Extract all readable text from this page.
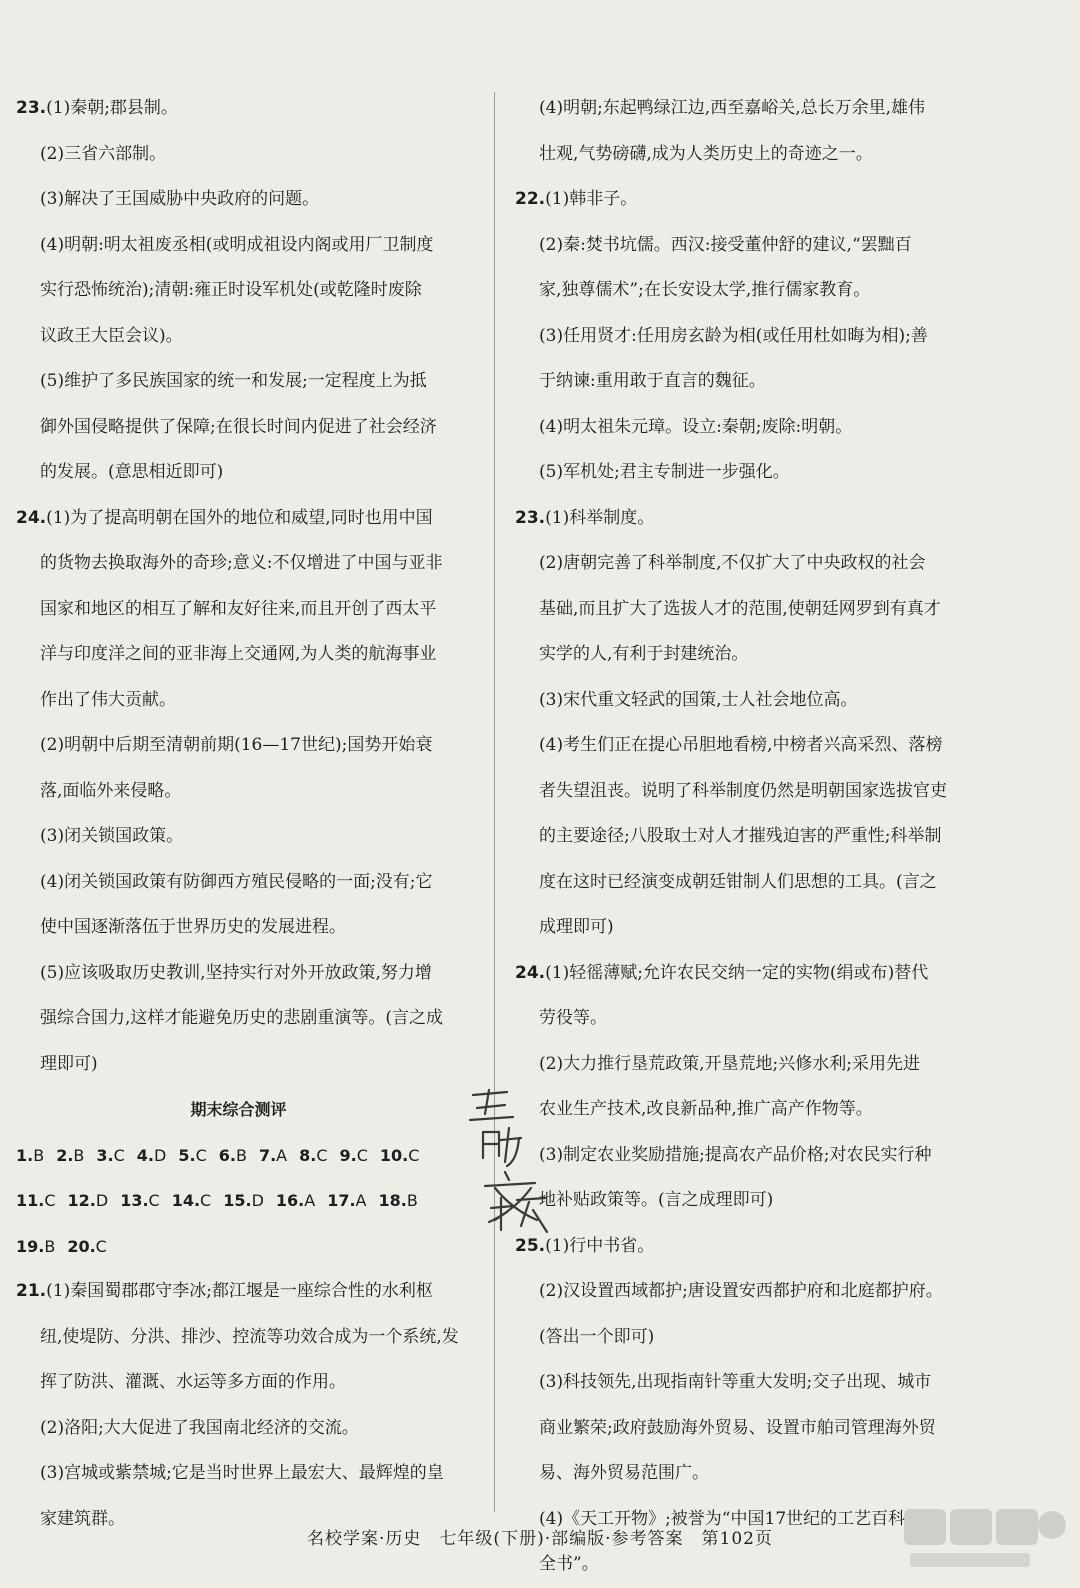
23.(1)秦朝;郡县制。
(2)三省六部制。
(3)解决了王国威胁中央政府的问题。
(4)明朝:明太祖废丞相(或明成祖设内阁或用厂卫制度
实行恐怖统治);清朝:雍正时设军机处(或乾隆时废除
议政王大臣会议)。
(5)维护了多民族国家的统一和发展;一定程度上为抵
御外国侵略提供了保障;在很长时间内促进了社会经济
的发展。(意思相近即可)
24.(1)为了提高明朝在国外的地位和威望,同时也用中国
的货物去换取海外的奇珍;意义:不仅增进了中国与亚非
国家和地区的相互了解和友好往来,而且开创了西太平
洋与印度洋之间的亚非海上交通网,为人类的航海事业
作出了伟大贡献。
(2)明朝中后期至清朝前期(16—17世纪);国势开始衰
落,面临外来侵略。
(3)闭关锁国政策。
(4)闭关锁国政策有防御西方殖民侵略的一面;没有;它
使中国逐渐落伍于世界历史的发展进程。
(5)应该吸取历史教训,坚持实行对外开放政策,努力增
强综合国力,这样才能避免历史的悲剧重演等。(言之成
理即可)
期末综合测评
1.B 2.B 3.C 4.D 5.C 6.B 7.A 8.C 9.C 10.C
11.C 12.D 13.C 14.C 15.D 16.A 17.A 18.B
19.B 20.C
21.(1)秦国蜀郡郡守李冰;都江堰是一座综合性的水利枢
纽,使堤防、分洪、排沙、控流等功效合成为一个系统,发
挥了防洪、灌溉、水运等多方面的作用。
(2)洛阳;大大促进了我国南北经济的交流。
(3)宫城或紫禁城;它是当时世界上最宏大、最辉煌的皇
家建筑群。
(4)明朝;东起鸭绿江边,西至嘉峪关,总长万余里,雄伟
壮观,气势磅礴,成为人类历史上的奇迹之一。
22.(1)韩非子。
(2)秦:焚书坑儒。西汉:接受董仲舒的建议,“罢黜百
家,独尊儒术”;在长安设太学,推行儒家教育。
(3)任用贤才:任用房玄龄为相(或任用杜如晦为相);善
于纳谏:重用敢于直言的魏征。
(4)明太祖朱元璋。设立:秦朝;废除:明朝。
(5)军机处;君主专制进一步强化。
23.(1)科举制度。
(2)唐朝完善了科举制度,不仅扩大了中央政权的社会
基础,而且扩大了选拔人才的范围,使朝廷网罗到有真才
实学的人,有利于封建统治。
(3)宋代重文轻武的国策,士人社会地位高。
(4)考生们正在提心吊胆地看榜,中榜者兴高采烈、落榜
者失望沮丧。说明了科举制度仍然是明朝国家选拔官吏
的主要途径;八股取士对人才摧残迫害的严重性;科举制
度在这时已经演变成朝廷钳制人们思想的工具。(言之
成理即可)
24.(1)轻徭薄赋;允许农民交纳一定的实物(绢或布)替代
劳役等。
(2)大力推行垦荒政策,开垦荒地;兴修水利;采用先进
农业生产技术,改良新品种,推广高产作物等。
(3)制定农业奖励措施;提高农产品价格;对农民实行种
地补贴政策等。(言之成理即可)
25.(1)行中书省。
(2)汉设置西域都护;唐设置安西都护府和北庭都护府。
(答出一个即可)
(3)科技领先,出现指南针等重大发明;交子出现、城市
商业繁荣;政府鼓励海外贸易、设置市舶司管理海外贸
易、海外贸易范围广。
(4)《天工开物》;被誉为“中国17世纪的工艺百科
全书”。
名校学案·历史　七年级(下册)·部编版·参考答案　第102页
